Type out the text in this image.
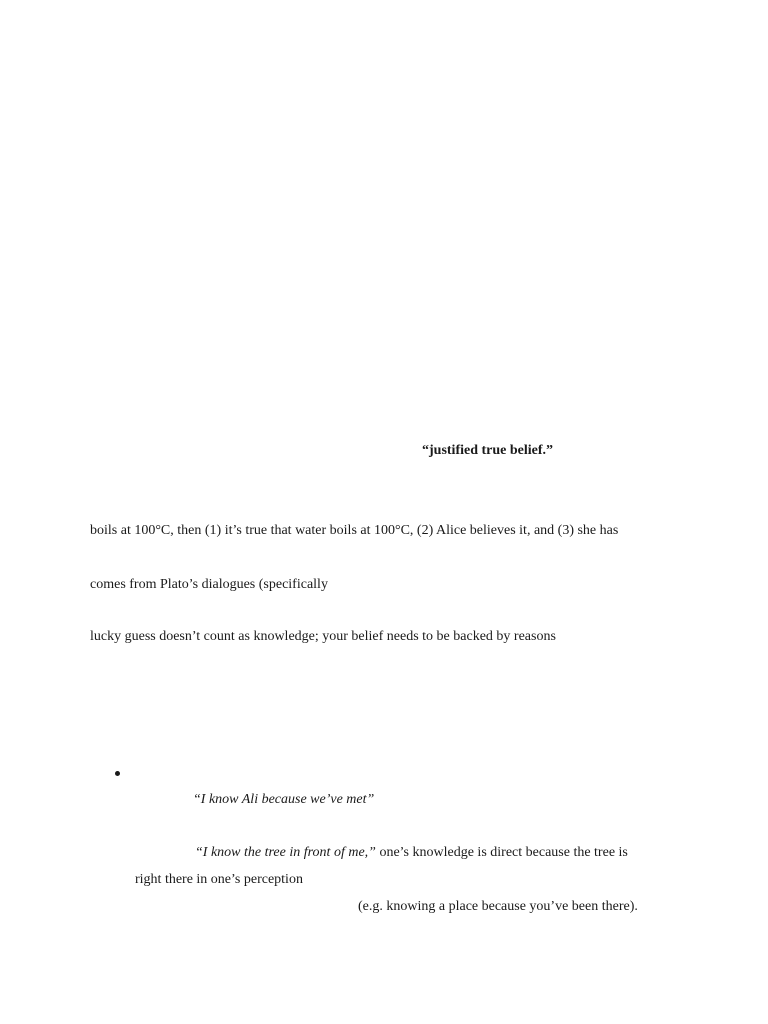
“justified true belief.”
boils at 100°C, then (1) it’s true that water boils at 100°C, (2) Alice believes it, and (3) she has
comes from Plato’s dialogues (specifically
lucky guess doesn’t count as knowledge; your belief needs to be backed by reasons
“I know Ali because we’ve met”
“I know the tree in front of me,” one’s knowledge is direct because the tree is
right there in one’s perception
(e.g. knowing a place because you’ve been there).
